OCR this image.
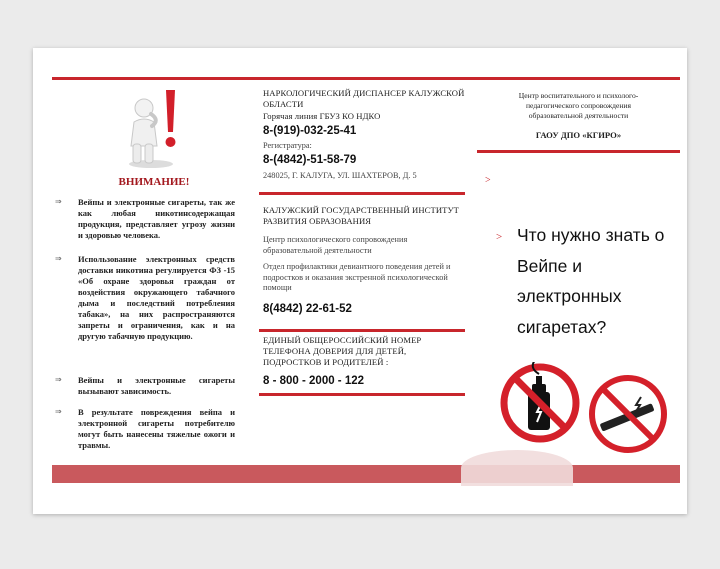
ВНИМАНИЕ!
⇒ Вейпы и электронные сигареты, так же как любая никотинсодержащая продукция, представляет угрозу жизни и здоровью человека.
⇒ Использование электронных средств доставки никотина регулируется ФЗ -15 «Об охране здоровья граждан от воздействия окружающего табачного дыма и последствий потребления табака», на них распространяются запреты и ограничения, как и на другую табачную продукцию.
⇒ Вейпы и электронные сигареты вызывают зависимость.
⇒ В результате повреждения вейпа и электронной сигареты потребителю могут быть нанесены тяжелые ожоги и травмы.
НАРКОЛОГИЧЕСКИЙ ДИСПАНСЕР КАЛУЖСКОЙ ОБЛАСТИ
Горячая линия ГБУЗ КО НДКО
8-(919)-032-25-41
Регистратура:
8-(4842)-51-58-79
248025, Г. КАЛУГА, УЛ. ШАХТЕРОВ, Д. 5
КАЛУЖСКИЙ ГОСУДАРСТВЕННЫЙ ИНСТИТУТ РАЗВИТИЯ ОБРАЗОВАНИЯ
Центр психологического сопровождения образовательной деятельности
Отдел профилактики девиантного поведения детей и подростков и оказания экстренной психологической помощи
8(4842) 22-61-52
ЕДИНЫЙ ОБЩЕРОССИЙСКИЙ НОМЕР ТЕЛЕФОНА ДОВЕРИЯ ДЛЯ ДЕТЕЙ, ПОДРОСТКОВ И РОДИТЕЛЕЙ :
8 - 800 - 2000 - 122
Центр воспитательного и психолого-педагогического сопровождения образовательной деятельности
ГАОУ ДПО «КГИРО»
>
> Что нужно знать о Вейпе и электронных сигаретах?
